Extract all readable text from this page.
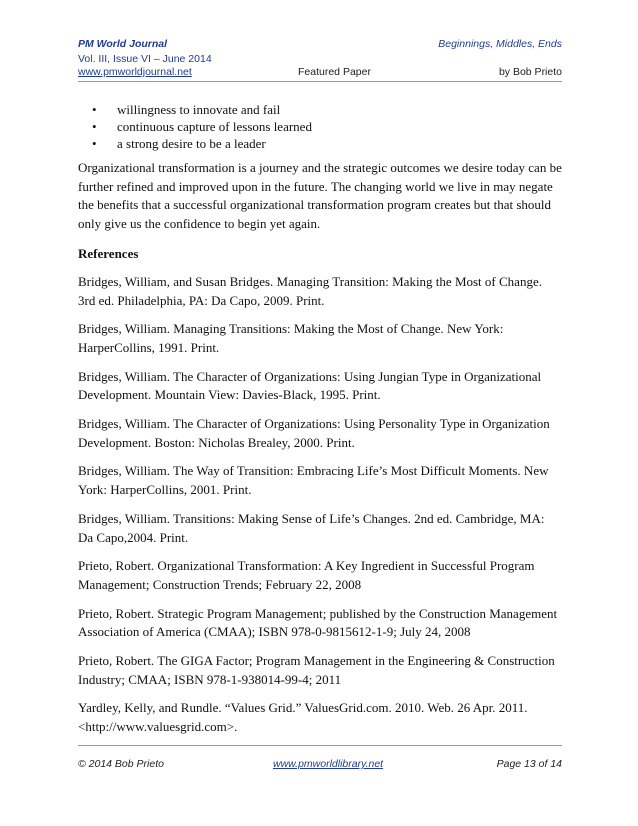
PM World Journal	Beginnings, Middles, Ends
Vol. III, Issue VI – June 2014
www.pmworldjournal.net	Featured Paper	by Bob Prieto
• willingness to innovate and fail
• continuous capture of lessons learned
• a strong desire to be a leader

Organizational transformation is a journey and the strategic outcomes we desire today can be further refined and improved upon in the future. The changing world we live in may negate the benefits that a successful organizational transformation program creates but that should only give us the confidence to begin yet again.

References
Bridges, William, and Susan Bridges. Managing Transition: Making the Most of Change. 3rd ed. Philadelphia, PA: Da Capo, 2009. Print.
Bridges, William. Managing Transitions: Making the Most of Change. New York: HarperCollins, 1991. Print.
Bridges, William. The Character of Organizations: Using Jungian Type in Organizational Development. Mountain View: Davies-Black, 1995. Print.
Bridges, William. The Character of Organizations: Using Personality Type in Organization Development. Boston: Nicholas Brealey, 2000. Print.
Bridges, William. The Way of Transition: Embracing Life’s Most Difficult Moments. New York: HarperCollins, 2001. Print.
Bridges, William. Transitions: Making Sense of Life’s Changes. 2nd ed. Cambridge, MA: Da Capo,2004. Print.
Prieto, Robert. Organizational Transformation: A Key Ingredient in Successful Program Management; Construction Trends; February 22, 2008
Prieto, Robert. Strategic Program Management; published by the Construction Management Association of America (CMAA); ISBN 978-0-9815612-1-9; July 24, 2008
Prieto, Robert. The GIGA Factor; Program Management in the Engineering & Construction Industry; CMAA; ISBN 978-1-938014-99-4; 2011
Yardley, Kelly, and Rundle. “Values Grid.” ValuesGrid.com. 2010. Web. 26 Apr. 2011. <http://www.valuesgrid.com>.
© 2014 Bob Prieto	www.pmworldlibrary.net	Page 13 of 14
